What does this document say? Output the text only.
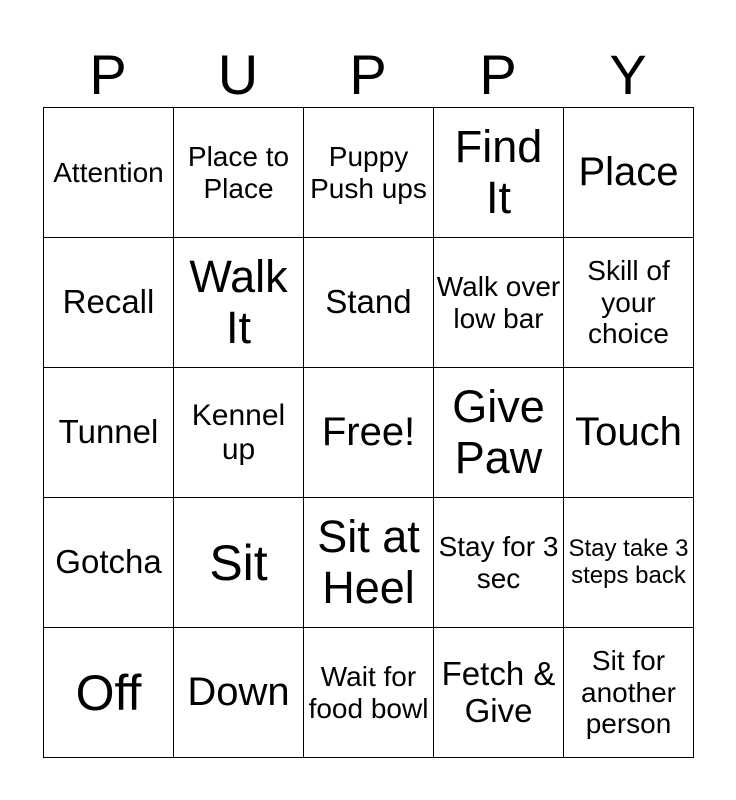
P	U	P	P	Y
Attention	Place to Place	Puppy Push ups	Find It	Place
Recall	Walk It	Stand	Walk over low bar	Skill of your choice
Tunnel	Kennel up	Free!	Give Paw	Touch
Gotcha	Sit	Sit at Heel	Stay for 3 sec	Stay take 3 steps back
Off	Down	Wait for food bowl	Fetch & Give	Sit for another person
